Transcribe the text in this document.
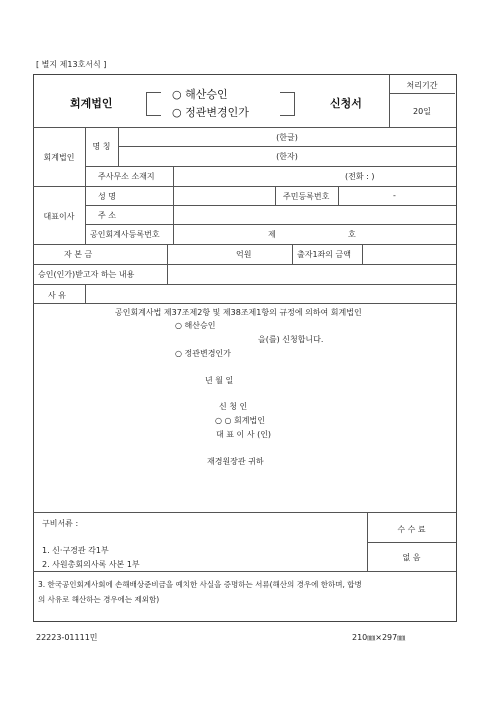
[ 별지 제13호서식 ]
회계법인
○ 해산승인
○ 정관변경인가
신청서
처리기간
20일
회계법인
명 칭
(한글)
(한자)
주사무소 소재지	(전화 : )
대표이사
성 명	주민등록번호	-
주 소
공인회계사등록번호	제	호
자 본 금	억원	출자1좌의 금액
승인(인가)받고자 하는 내용
사 유
공인회계사법 제37조제2항 및 제38조제1항의 규정에 의하여 회계법인
○ 해산승인
을(를) 신청합니다.
○ 정관변경인가
년 월 일
신 청 인
○ ○ 회계법인
대 표 이 사 (인)
재경원장관 귀하
구비서류 :
1. 신·구경관 각1부
2. 사원총회의사록 사본 1부
수 수 료
없 음
3. 한국공인회계사회에 손해배상준비금을 예치한 사실을 증명하는 서류(해산의 경우에 한하며, 합병
의 사유로 해산하는 경우에는 제외함)
22223-01111민	210㎜×297㎜
